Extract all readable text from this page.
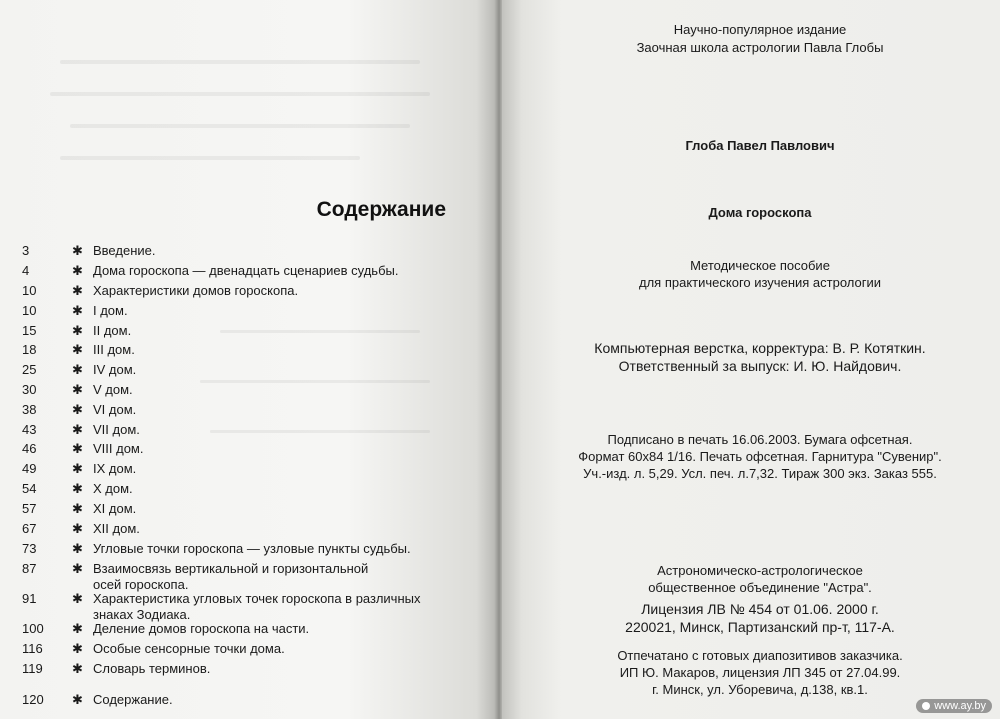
Содержание
3	✱ Введение.
4	✱ Дома гороскопа — двенадцать сценариев судьбы.
10	✱ Характеристики домов гороскопа.
10	✱ I дом.
15	✱ II дом.
18	✱ III дом.
25	✱ IV дом.
30	✱ V дом.
38	✱ VI дом.
43	✱ VII дом.
46	✱ VIII дом.
49	✱ IX дом.
54	✱ X дом.
57	✱ XI дом.
67	✱ XII дом.
73	✱ Угловые точки гороскопа — узловые пункты судьбы.
87	✱ Взаимосвязь вертикальной и горизонтальной
осей гороскопа.
91	✱ Характеристика угловых точек гороскопа в различных
знаках Зодиака.
100	✱ Деление домов гороскопа на части.
116	✱ Особые сенсорные точки дома.
119	✱ Словарь терминов.
120	✱ Содержание.
Научно-популярное издание
Заочная школа астрологии Павла Глобы
Глоба Павел Павлович
Дома гороскопа
Методическое пособие
для практического изучения астрологии
Компьютерная верстка, корректура: В. Р. Котяткин.
Ответственный за выпуск: И. Ю. Найдович.
Подписано в печать 16.06.2003. Бумага офсетная.
Формат 60х84 1/16. Печать офсетная. Гарнитура "Сувенир".
Уч.-изд. л. 5,29. Усл. печ. л.7,32. Тираж 300 экз. Заказ 555.
Астрономическо-астрологическое
общественное объединение "Астра".
Лицензия ЛВ № 454 от 01.06. 2000 г.
220021, Минск, Партизанский пр-т, 117-А.
Отпечатано с готовых диапозитивов заказчика.
ИП Ю. Макаров, лицензия ЛП 345 от 27.04.99.
г. Минск, ул. Уборевича, д.138, кв.1.
www.ay.by
